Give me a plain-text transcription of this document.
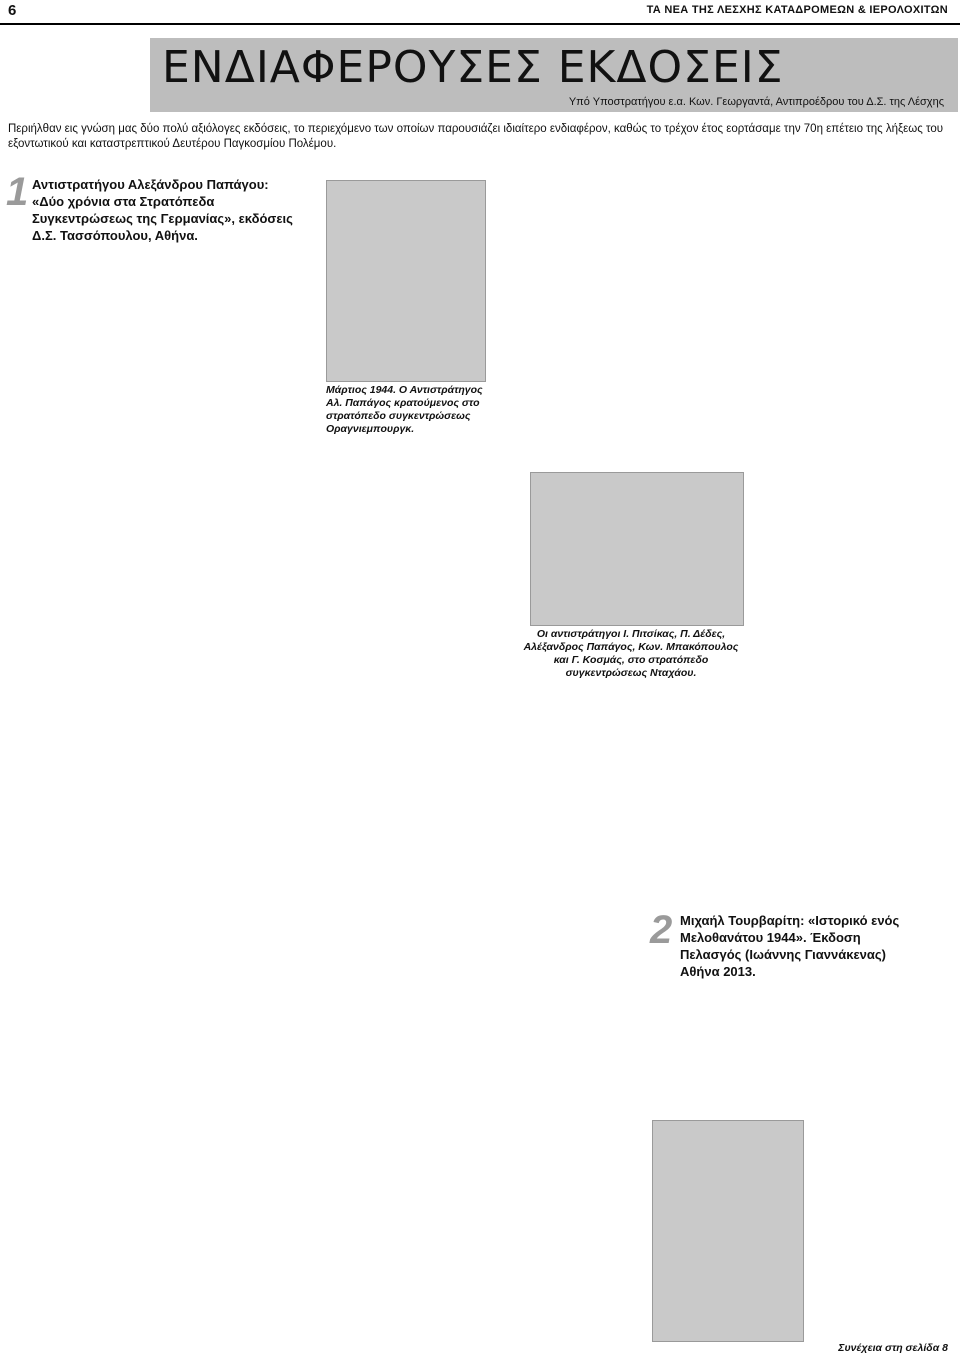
6	ΤΑ ΝΕΑ ΤΗΣ ΛΕΣΧΗΣ ΚΑΤΑΔΡΟΜΕΩΝ & ΙΕΡΟΛΟΧΙΤΩΝ
ΕΝΔΙΑΦΕΡΟΥΣΕΣ ΕΚΔΟΣΕΙΣ
Υπό Υποστρατήγου ε.α. Κων. Γεωργαντά, Αντιπροέδρου του Δ.Σ. της Λέσχης
Περιήλθαν εις γνώση μας δύο πολύ αξιόλογες εκδόσεις, το περιεχόμενο των οποίων παρουσιάζει ιδιαίτερο ενδιαφέρον, καθώς το τρέχον έτος εορτάσαμε την 70η επέτειο της λήξεως του εξοντωτικού και καταστρεπτικού Δευτέρου Παγκοσμίου Πολέμου.
1 Αντιστρατήγου Αλεξάνδρου Παπάγου: «Δύο χρόνια στα Στρατόπεδα Συγκεντρώσεως της Γερμανίας», εκδόσεις Δ.Σ. Τασσόπουλου, Αθήνα.
Μάρτιος 1944. Ο Αντιστράτηγος Αλ. Παπάγος κρατούμενος στο στρατόπεδο συγκεντρώσεως Οραγνιεμπουργκ.
Οι αντιστράτηγοι Ι. Πιτσίκας, Π. Δέδες, Αλέξανδρος Παπάγος, Κων. Μπακόπουλος και Γ. Κοσμάς, στο στρατόπεδο συγκεντρώσεως Νταχάου.
2 Μιχαήλ Τουρβαρίτη: «Ιστορικό ενός Μελοθανάτου 1944». Έκδοση Πελασγός (Ιωάννης Γιαννάκενας) Αθήνα 2013.
Συνέχεια στη σελίδα 8
